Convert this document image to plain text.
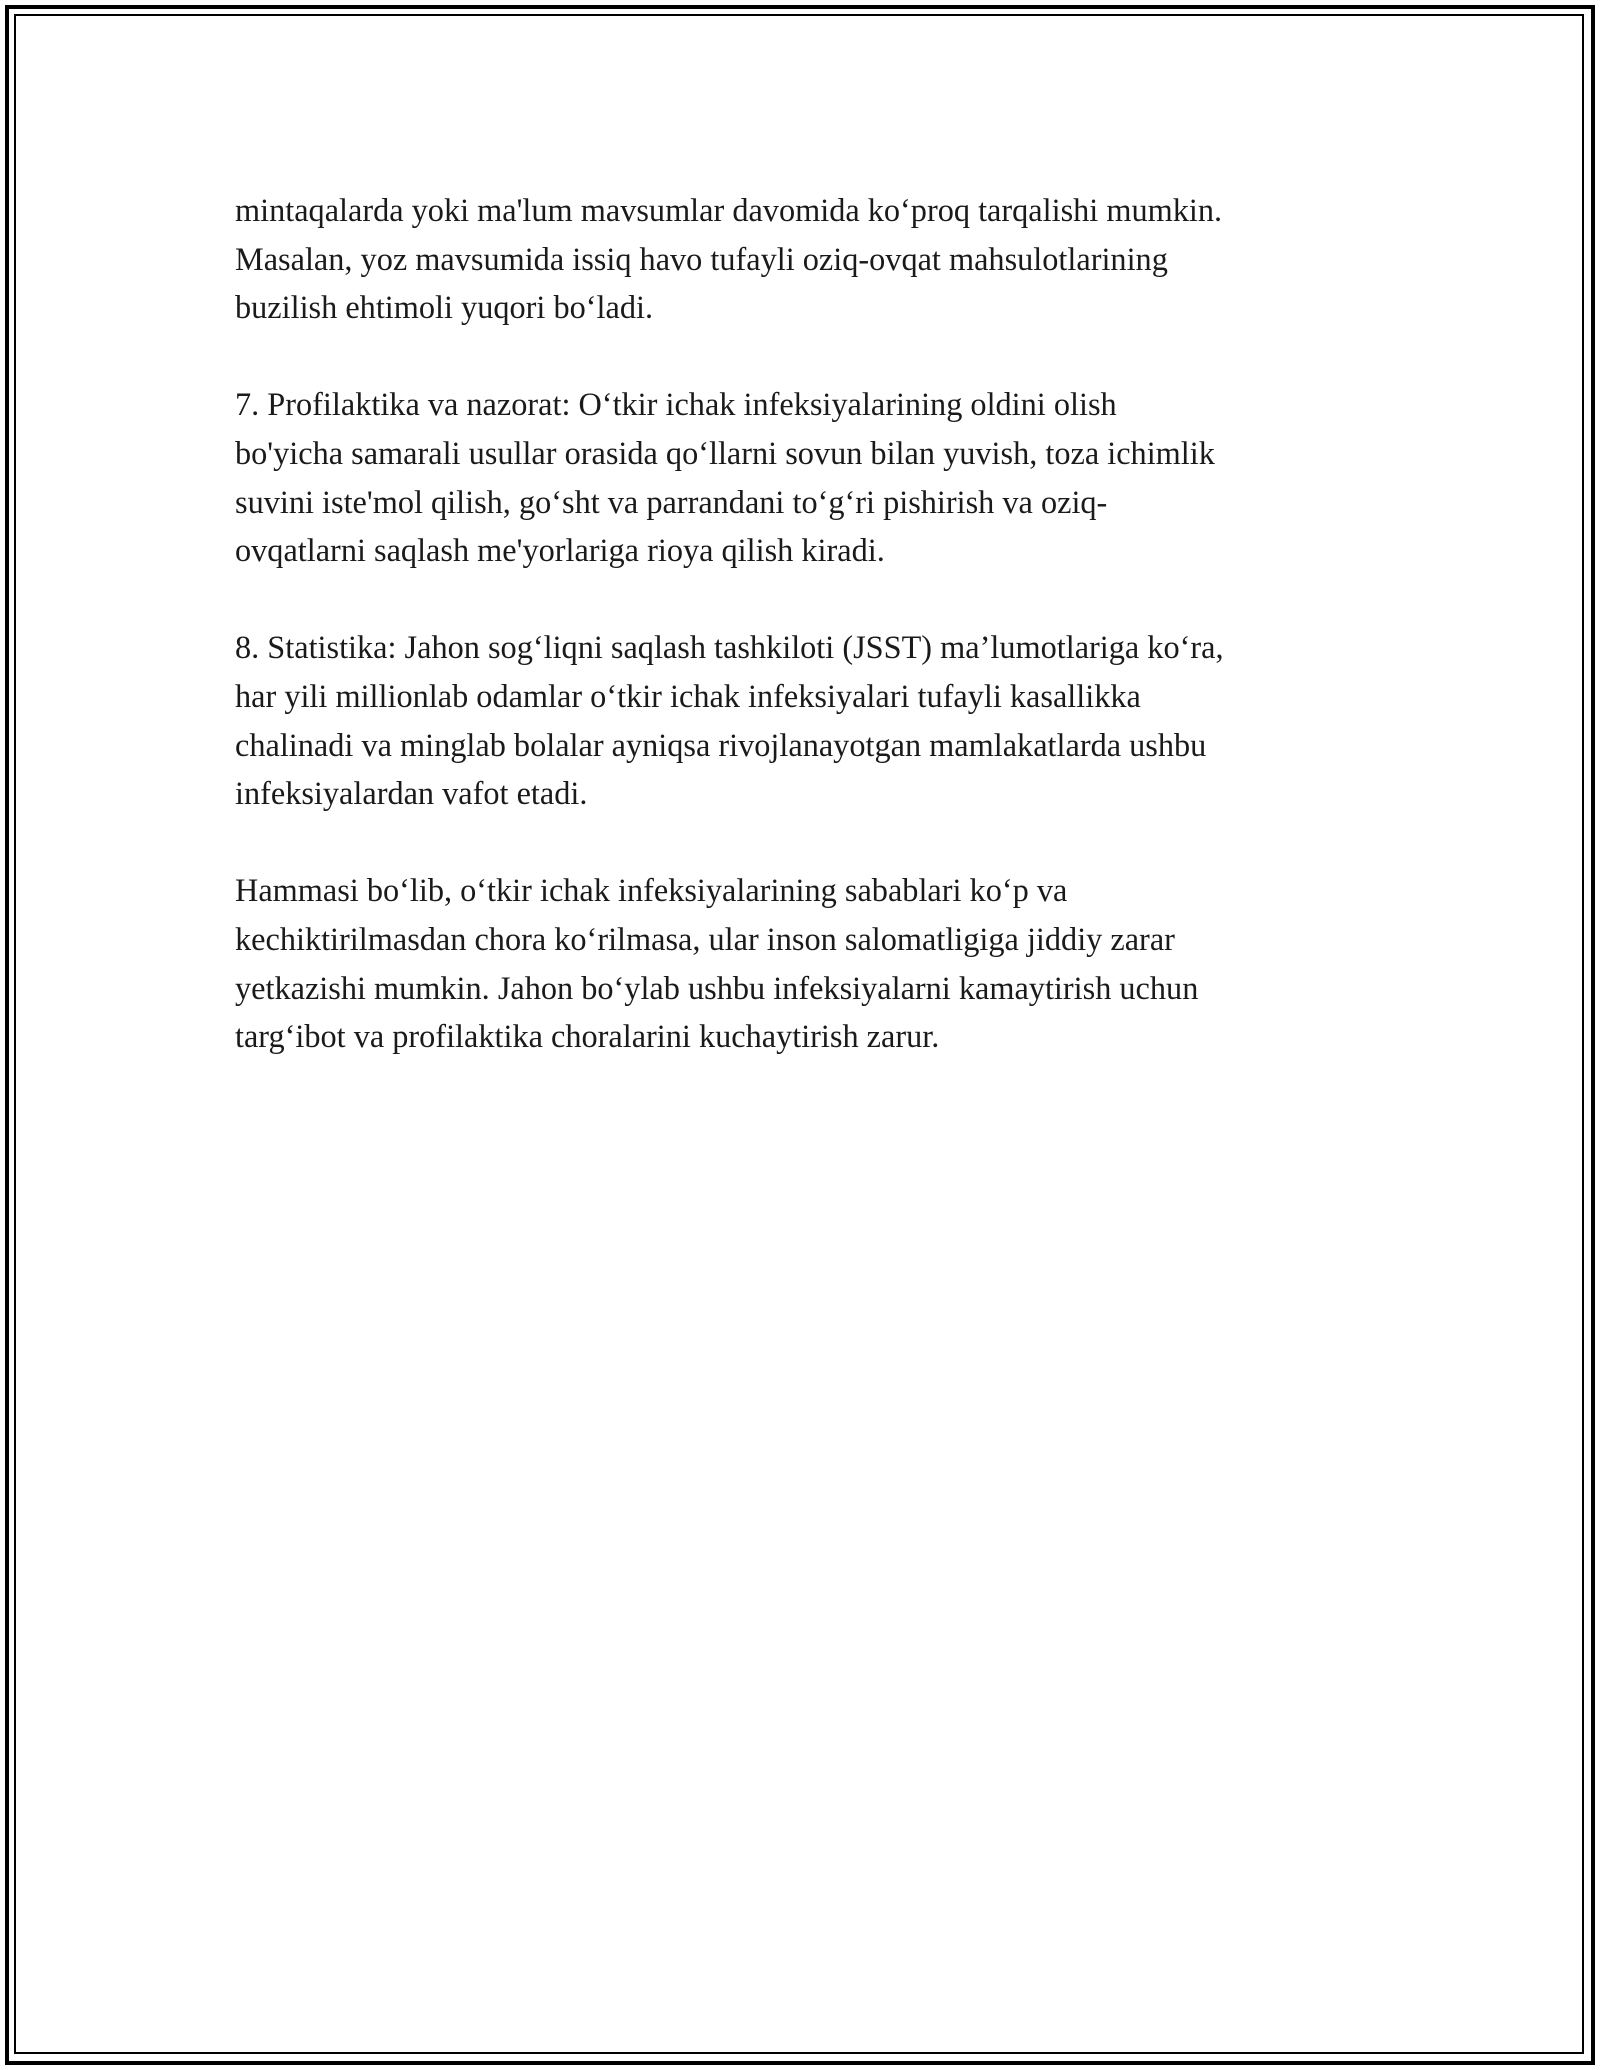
mintaqalarda yoki ma'lum mavsumlar davomida ko‘proq tarqalishi mumkin.
Masalan, yoz mavsumida issiq havo tufayli oziq-ovqat mahsulotlarining
buzilish ehtimoli yuqori bo‘ladi.

7. Profilaktika va nazorat: O‘tkir ichak infeksiyalarining oldini olish
bo'yicha samarali usullar orasida qo‘llarni sovun bilan yuvish, toza ichimlik
suvini iste'mol qilish, go‘sht va parrandani to‘g‘ri pishirish va oziq-
ovqatlarni saqlash me'yorlariga rioya qilish kiradi.

8. Statistika: Jahon sog‘liqni saqlash tashkiloti (JSST) ma’lumotlariga ko‘ra,
har yili millionlab odamlar o‘tkir ichak infeksiyalari tufayli kasallikka
chalinadi va minglab bolalar ayniqsa rivojlanayotgan mamlakatlarda ushbu
infeksiyalardan vafot etadi.

Hammasi bo‘lib, o‘tkir ichak infeksiyalarining sabablari ko‘p va
kechiktirilmasdan chora ko‘rilmasa, ular inson salomatligiga jiddiy zarar
yetkazishi mumkin. Jahon bo‘ylab ushbu infeksiyalarni kamaytirish uchun
targ‘ibot va profilaktika choralarini kuchaytirish zarur.
